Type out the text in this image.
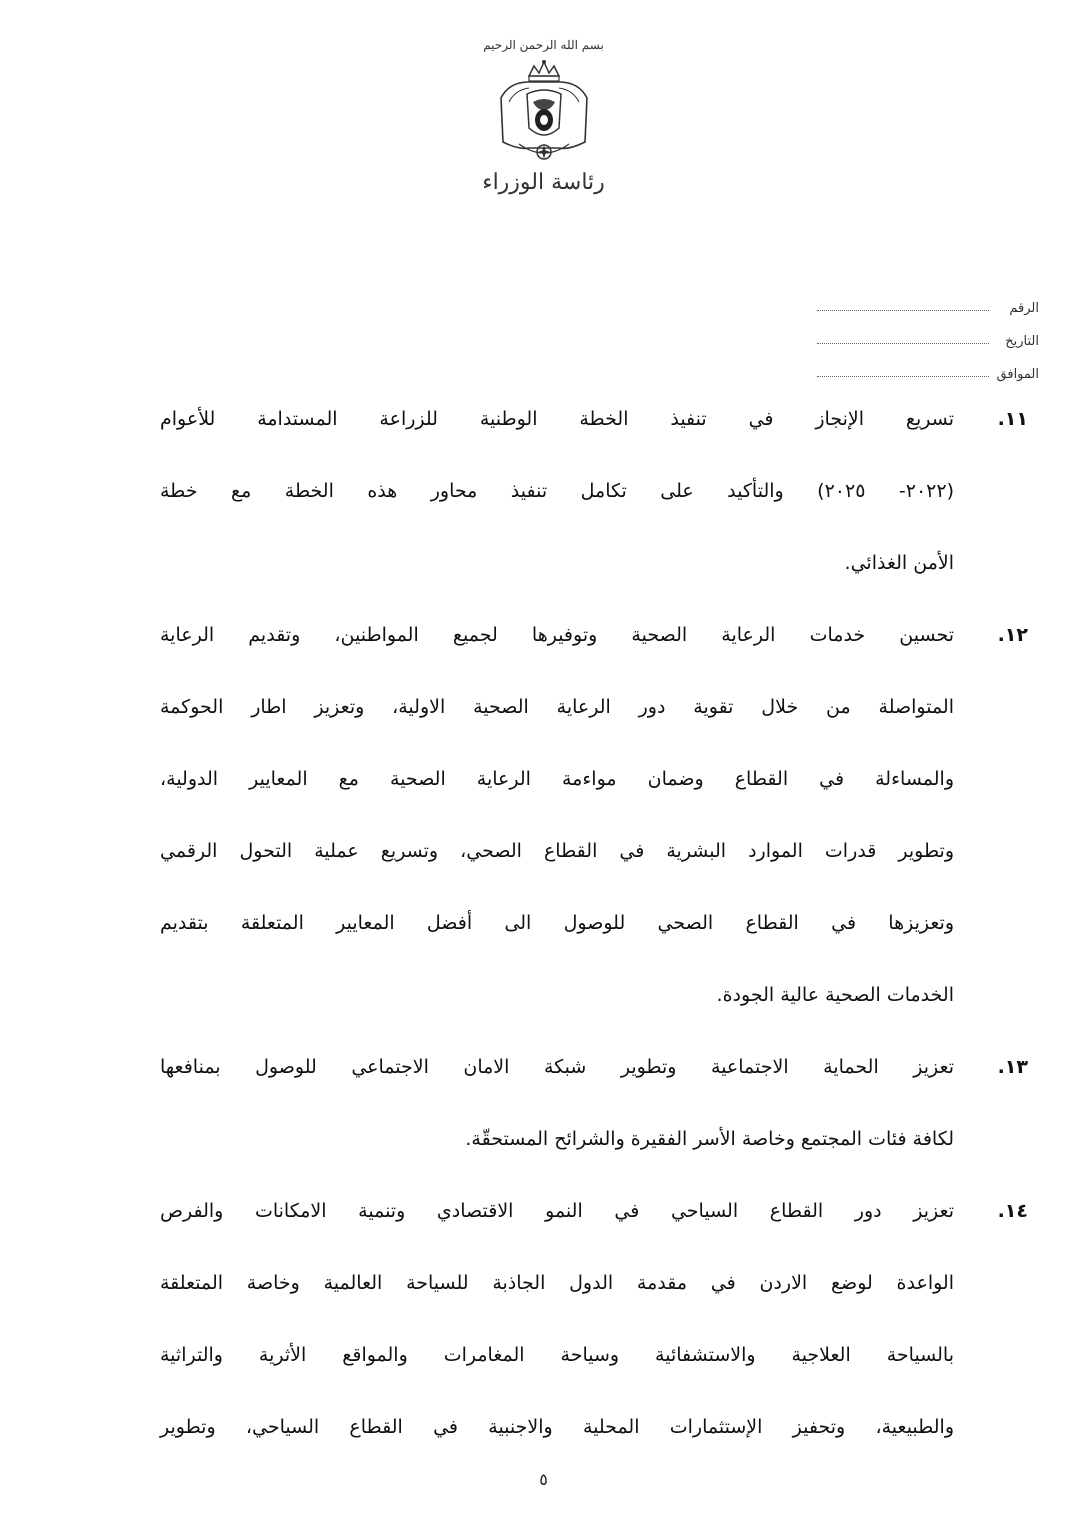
بسم الله الرحمن الرحيم
رئاسة الوزراء
الرقم
التاريخ
الموافق
١١.
تسريع الإنجاز في تنفيذ الخطة الوطنية للزراعة المستدامة للأعوام
(٢٠٢٢- ٢٠٢٥) والتأكيد على تكامل تنفيذ محاور هذه الخطة مع خطة
الأمن الغذائي.
١٢.
تحسين خدمات الرعاية الصحية وتوفيرها لجميع المواطنين، وتقديم الرعاية
المتواصلة من خلال تقوية دور الرعاية الصحية الاولية، وتعزيز اطار الحوكمة
والمساءلة في القطاع وضمان مواءمة الرعاية الصحية مع المعايير الدولية،
وتطوير قدرات الموارد البشرية في القطاع الصحي، وتسريع عملية التحول الرقمي
وتعزيزها في القطاع الصحي للوصول الى أفضل المعايير المتعلقة بتقديم
الخدمات الصحية عالية الجودة.
١٣.
تعزيز الحماية الاجتماعية وتطوير شبكة الامان الاجتماعي للوصول بمنافعها
لكافة فئات المجتمع وخاصة الأسر الفقيرة والشرائح المستحقّة.
١٤.
تعزيز دور القطاع السياحي في النمو الاقتصادي وتنمية الامكانات والفرص
الواعدة لوضع الاردن في مقدمة الدول الجاذبة للسياحة العالمية وخاصة المتعلقة
بالسياحة العلاجية والاستشفائية وسياحة المغامرات والمواقع الأثرية والتراثية
والطبيعية، وتحفيز الإستثمارات المحلية والاجنبية في القطاع السياحي، وتطوير
٥
